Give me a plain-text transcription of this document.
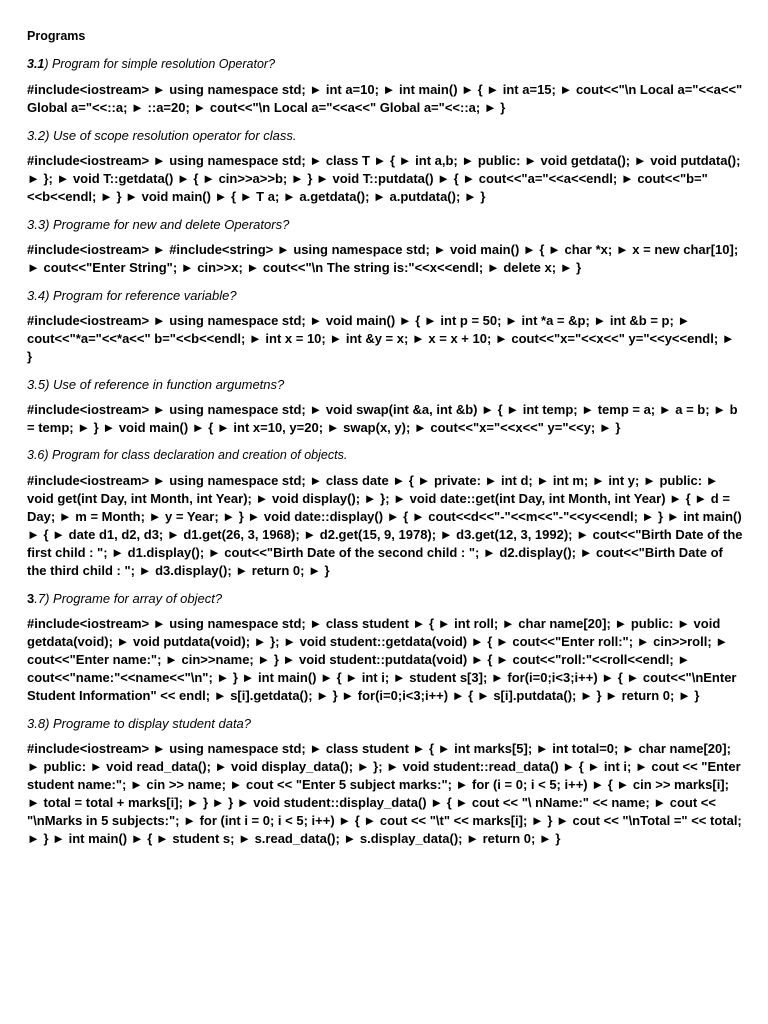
Programs
3.1) Program for simple resolution Operator?
#include<iostream> ► using namespace std; ► int a=10; ► int main() ► { ► int a=15; ► cout<<"\n Local a="<<a<<" Global a="<<::a; ► ::a=20; ► cout<<"\n Local a="<<a<<" Global a="<<::a; ► }
3.2) Use of scope resolution operator for class.
#include<iostream> ► using namespace std; ► class T ► { ► int a,b; ► public: ► void getdata(); ► void putdata(); ► }; ► void T::getdata() ► { ► cin>>a>>b; ► } ► void T::putdata() ► { ► cout<<"a="<<a<<endl; ► cout<<"b="<<b<<endl; ► } ► void main() ► { ► T a; ► a.getdata(); ► a.putdata(); ► }
3.3) Programe for new and delete Operators?
#include<iostream> ► #include<string> ► using namespace std; ► void main() ► { ► char *x; ► x = new char[10]; ► cout<<"Enter String"; ► cin>>x; ► cout<<"\n The string is:"<<x<<endl; ► delete x; ► }
3.4) Program for reference variable?
#include<iostream> ► using namespace std; ► void main() ► { ► int p = 50; ► int *a = &p; ► int &b = p; ► cout<<"*a="<<*a<<" b="<<b<<endl; ► int x = 10; ► int &y = x; ► x = x + 10; ► cout<<"x="<<x<<" y="<<y<<endl; ► }
3.5) Use of reference in function argumetns?
#include<iostream> ► using namespace std; ► void swap(int &a, int &b) ► { ► int temp; ► temp = a; ► a = b; ► b = temp; ► } ► void main() ► { ► int x=10, y=20; ► swap(x, y); ► cout<<"x="<<x<<" y="<<y; ► }
3.6) Program for class declaration and creation of objects.
#include<iostream> ► using namespace std; ► class date ► { ► private: ► int d; ► int m; ► int y; ► public: ► void get(int Day, int Month, int Year); ► void display(); ► }; ► void date::get(int Day, int Month, int Year) ► { ► d = Day; ► m = Month; ► y = Year; ► } ► void date::display() ► { ► cout<<d<<"-"<<m<<"-"<<y<<endl; ► } ► int main() ► { ► date d1, d2, d3; ► d1.get(26, 3, 1968); ► d2.get(15, 9, 1978); ► d3.get(12, 3, 1992); ► cout<<"Birth Date of the first child : "; ► d1.display(); ► cout<<"Birth Date of the second child : "; ► d2.display(); ► cout<<"Birth Date of the third child : "; ► d3.display(); ► return 0; ► }
3.7) Programe for array of object?
#include<iostream> ► using namespace std; ► class student ► { ► int roll; ► char name[20]; ► public: ► void getdata(void); ► void putdata(void); ► }; ► void student::getdata(void) ► { ► cout<<"Enter roll:"; ► cin>>roll; ► cout<<"Enter name:"; ► cin>>name; ► } ► void student::putdata(void) ► { ► cout<<"roll:"<<roll<<endl; ► cout<<"name:"<<name<<"\n"; ► } ► int main() ► { ► int i; ► student s[3]; ► for(i=0;i<3;i++) ► { ► cout<<"\nEnter Student Information" << endl; ► s[i].getdata(); ► } ► for(i=0;i<3;i++) ► { ► s[i].putdata(); ► } ► return 0; ► }
3.8) Programe to display student data?
#include<iostream> ► using namespace std; ► class student ► { ► int marks[5]; ► int total=0; ► char name[20]; ► public: ► void read_data(); ► void display_data(); ► }; ► void student::read_data() ► { ► int i; ► cout << "Enter student name:"; ► cin >> name; ► cout << "Enter 5 subject marks:"; ► for (i = 0; i < 5; i++) ► { ► cin >> marks[i]; ► total = total + marks[i]; ► } ► } ► void student::display_data() ► { ► cout << "\ nName:" << name; ► cout << "\nMarks in 5 subjects:"; ► for (int i = 0; i < 5; i++) ► { ► cout << "\t" << marks[i]; ► } ► cout << "\nTotal =" << total; ► } ► int main() ► { ► student s; ► s.read_data(); ► s.display_data(); ► return 0; ► }
